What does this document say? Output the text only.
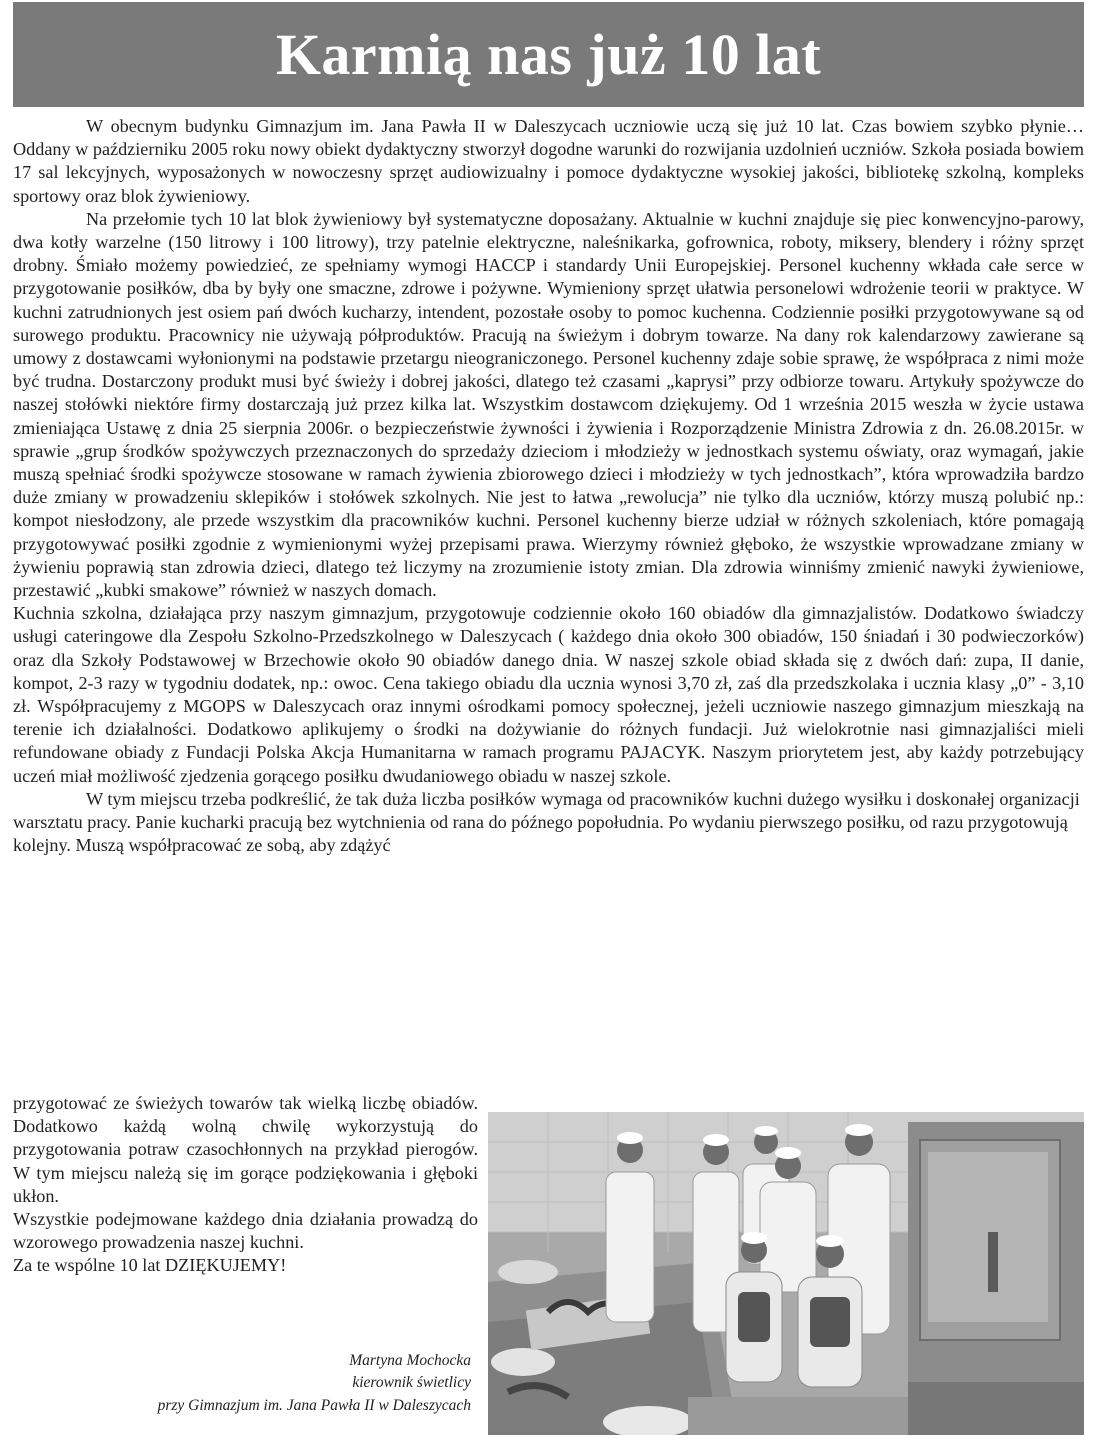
Karmią nas już 10 lat

W obecnym budynku Gimnazjum im. Jana Pawła II w Daleszycach uczniowie uczą się już 10 lat. Czas bowiem szybko płynie… Oddany w październiku 2005 roku nowy obiekt dydaktyczny stworzył dogodne warunki do rozwijania uzdolnień uczniów. Szkoła posiada bowiem 17 sal lekcyjnych, wyposażonych w nowoczesny sprzęt audiowizualny i pomoce dydaktyczne wysokiej jakości, bibliotekę szkolną, kompleks sportowy oraz blok żywieniowy.

Na przełomie tych 10 lat blok żywieniowy był systematyczne doposażany. Aktualnie w kuchni znajduje się piec konwencyjno-parowy, dwa kotły warzelne (150 litrowy i 100 litrowy), trzy patelnie elektryczne, naleśnikarka, gofrownica, roboty, miksery, blendery i różny sprzęt drobny. Śmiało możemy powiedzieć, ze spełniamy wymogi HACCP i standardy Unii Europejskiej. Personel kuchenny wkłada całe serce w przygotowanie posiłków, dba by były one smaczne, zdrowe i pożywne. Wymieniony sprzęt ułatwia personelowi wdrożenie teorii w praktyce. W kuchni zatrudnionych jest osiem pań dwóch kucharzy, intendent, pozostałe osoby to pomoc kuchenna. Codziennie posiłki przygotowywane są od surowego produktu. Pracownicy nie używają półproduktów. Pracują na świeżym i dobrym towarze. Na dany rok kalendarzowy zawierane są umowy z dostawcami wyłonionymi na podstawie przetargu nieograniczonego. Personel kuchenny zdaje sobie sprawę, że współpraca z nimi może być trudna. Dostarczony produkt musi być świeży i dobrej jakości, dlatego też czasami „kaprysi” przy odbiorze towaru. Artykuły spożywcze do naszej stołówki niektóre firmy dostarczają już przez kilka lat. Wszystkim dostawcom dziękujemy. Od 1 września 2015 weszła w życie ustawa zmieniająca Ustawę z dnia 25 sierpnia 2006r. o bezpieczeństwie żywności i żywienia i Rozporządzenie Ministra Zdrowia z dn. 26.08.2015r. w sprawie „grup środków spożywczych przeznaczonych do sprzedaży dzieciom i młodzieży w jednostkach systemu oświaty, oraz wymagań, jakie muszą spełniać środki spożywcze stosowane w ramach żywienia zbiorowego dzieci i młodzieży w tych jednostkach”, która wprowadziła bardzo duże zmiany w prowadzeniu sklepików i stołówek szkolnych. Nie jest to łatwa „rewolucja” nie tylko dla uczniów, którzy muszą polubić np.: kompot niesłodzony, ale przede wszystkim dla pracowników kuchni. Personel kuchenny bierze udział w różnych szkoleniach, które pomagają przygotowywać posiłki zgodnie z wymienionymi wyżej przepisami prawa. Wierzymy również głęboko, że wszystkie wprowadzane zmiany w żywieniu poprawią stan zdrowia dzieci, dlatego też liczymy na zrozumienie istoty zmian. Dla zdrowia winniśmy zmienić nawyki żywieniowe, przestawić „kubki smakowe” również w naszych domach.

Kuchnia szkolna, działająca przy naszym gimnazjum, przygotowuje codziennie około 160 obiadów dla gimnazjalistów. Dodatkowo świadczy usługi cateringowe dla Zespołu Szkolno-Przedszkolnego w Daleszycach ( każdego dnia około 300 obiadów, 150 śniadań i 30 podwieczorków) oraz dla Szkoły Podstawowej w Brzechowie około 90 obiadów danego dnia. W naszej szkole obiad składa się z dwóch dań: zupa, II danie, kompot, 2-3 razy w tygodniu dodatek, np.: owoc. Cena takiego obiadu dla ucznia wynosi 3,70 zł, zaś dla przedszkolaka i ucznia klasy „0” - 3,10 zł. Współpracujemy z MGOPS w Daleszycach oraz innymi ośrodkami pomocy społecznej, jeżeli uczniowie naszego gimnazjum mieszkają na terenie ich działalności. Dodatkowo aplikujemy o środki na dożywianie do różnych fundacji. Już wielokrotnie nasi gimnazjaliści mieli refundowane obiady z Fundacji Polska Akcja Humanitarna w ramach programu PAJACYK. Naszym priorytetem jest, aby każdy potrzebujący uczeń miał możliwość zjedzenia gorącego posiłku dwudaniowego obiadu w naszej szkole.

W tym miejscu trzeba podkreślić, że tak duża liczba posiłków wymaga od pracowników kuchni dużego wysiłku i doskonałej organizacji warsztatu pracy. Panie kucharki pracują bez wytchnienia od rana do późnego popołudnia. Po wydaniu pierwszego posiłku, od razu przygotowują kolejny. Muszą współpracować ze sobą, aby zdążyć

przygotować ze świeżych towarów tak wielką liczbę obiadów. Dodatkowo każdą wolną chwilę wykorzystują do przygotowania potraw czasochłonnych na przykład pierogów. W tym miejscu należą się im gorące podziękowania i głęboki ukłon.

Wszystkie podejmowane każdego dnia działania prowadzą do wzorowego prowadzenia naszej kuchni.

Za te wspólne 10 lat DZIĘKUJEMY!

Martyna Mochocka
kierownik świetlicy
przy Gimnazjum im. Jana Pawła II w Daleszycach
